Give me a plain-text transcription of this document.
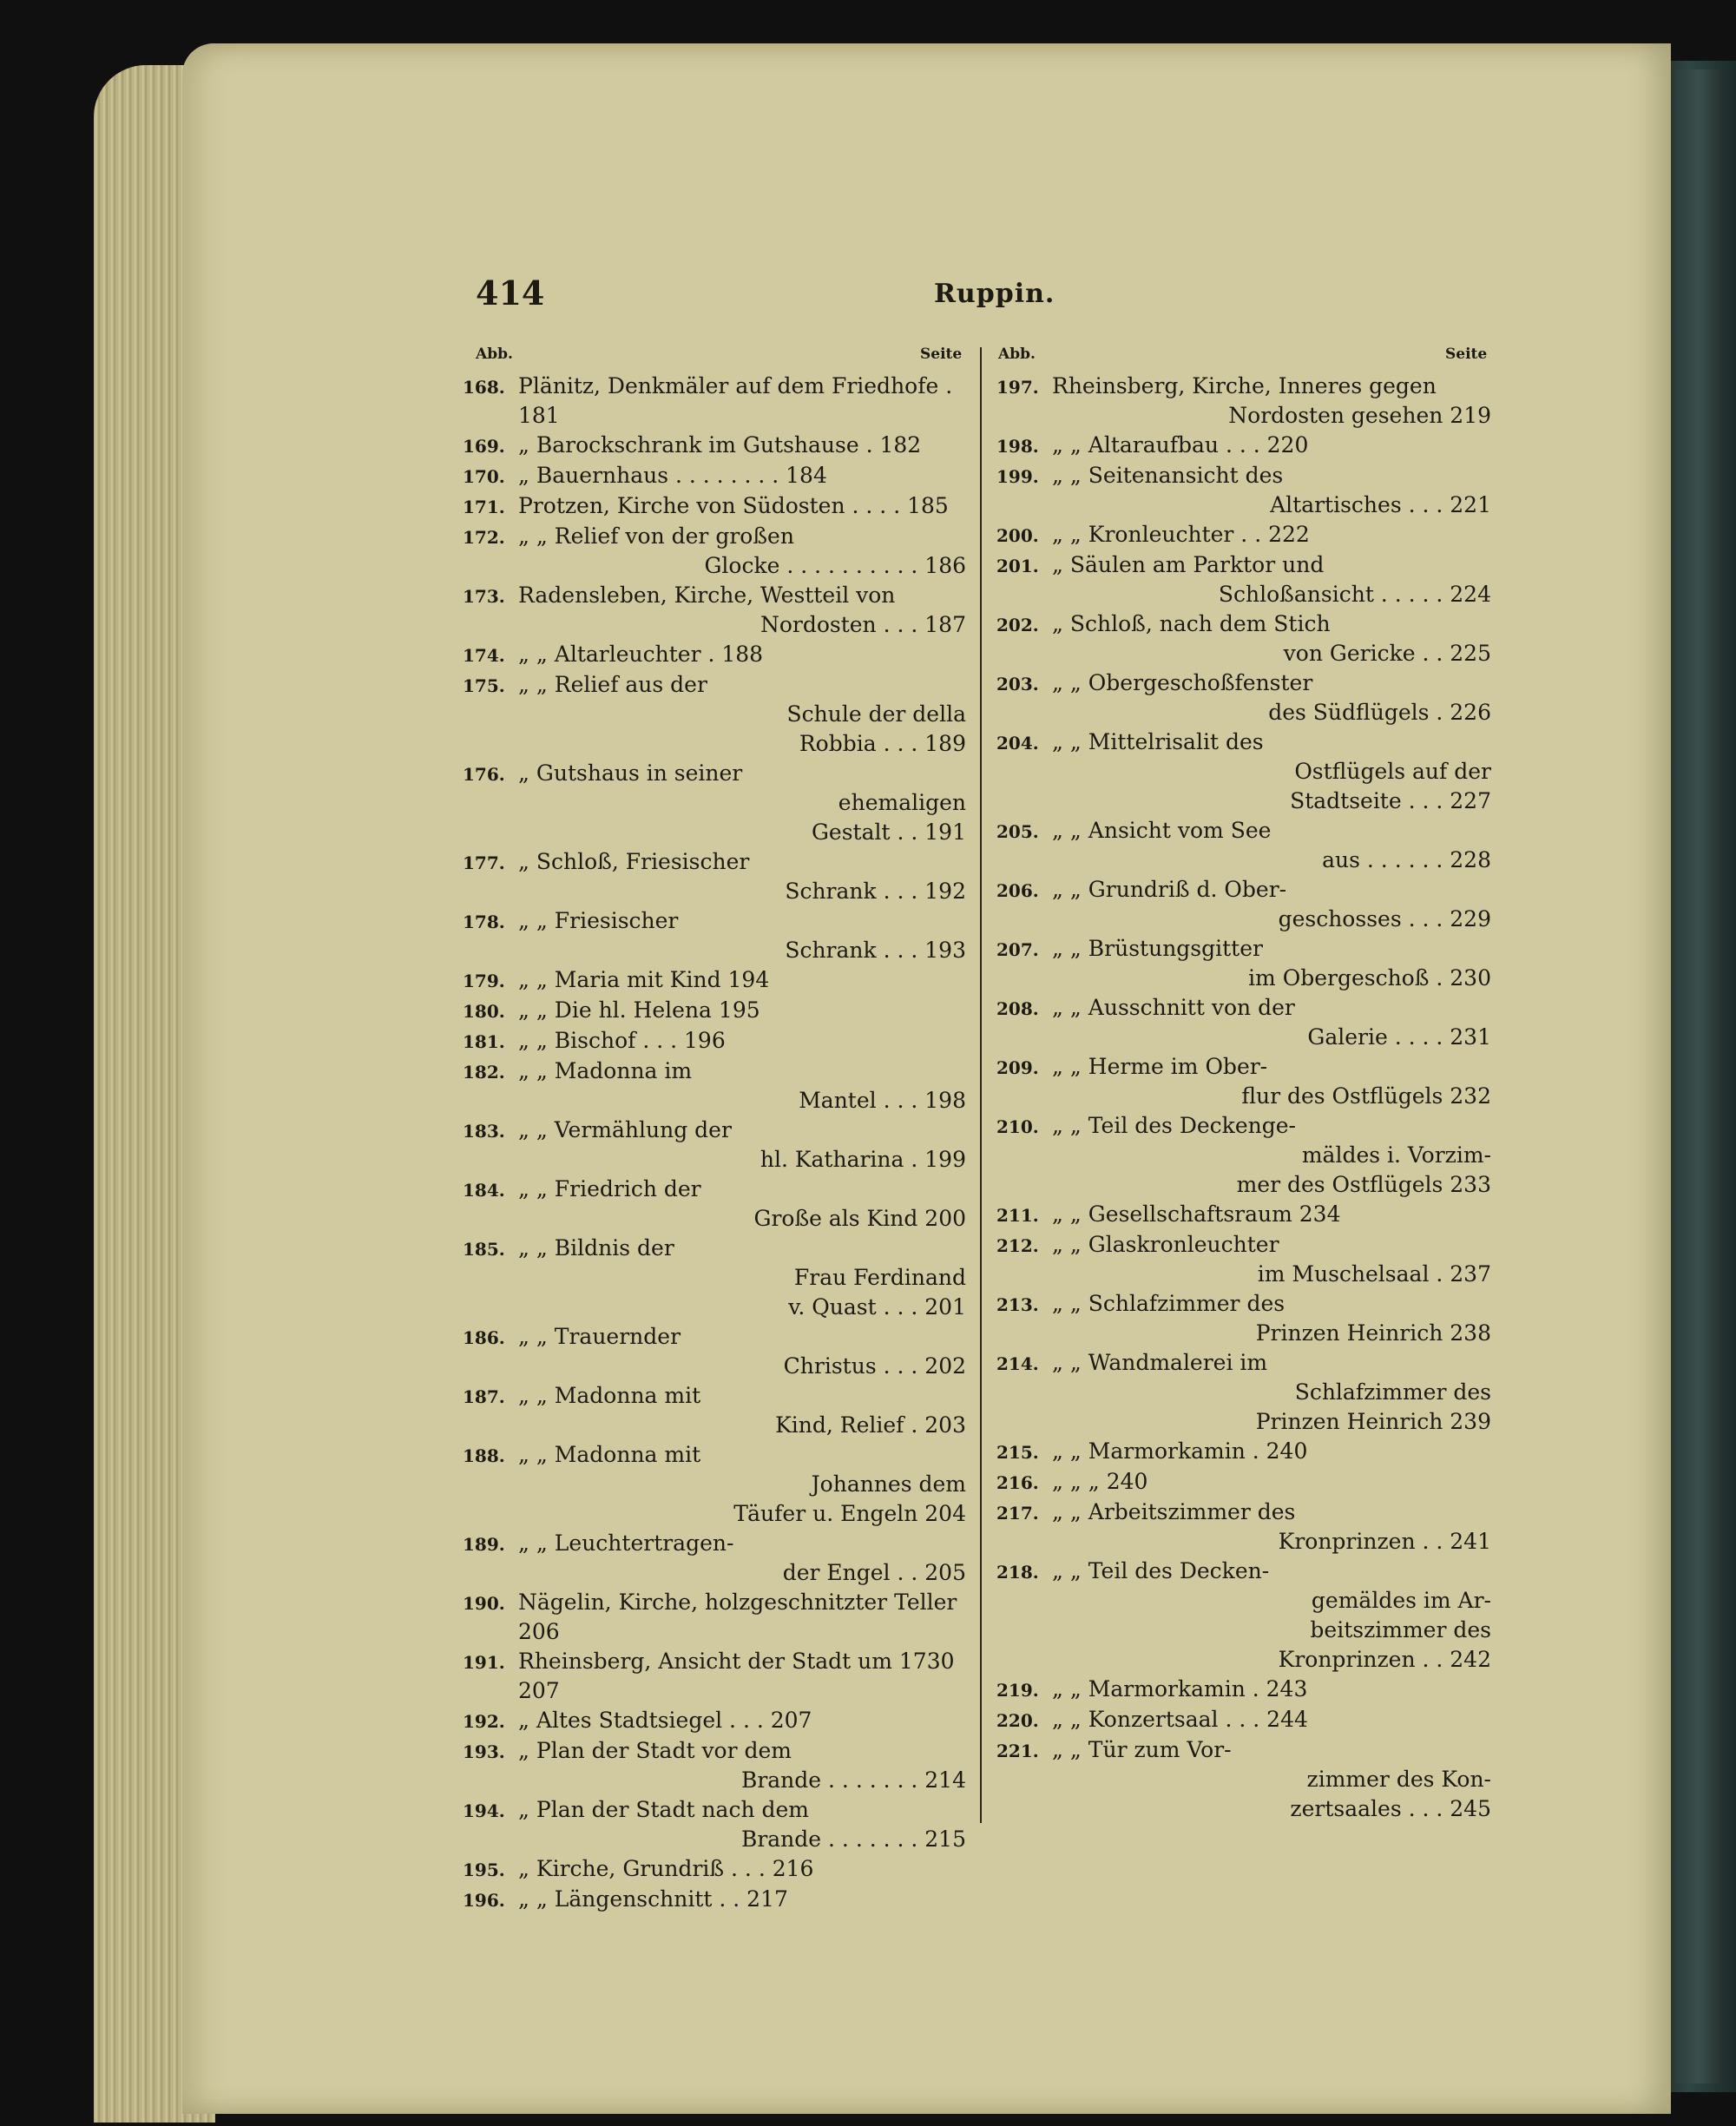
414	Ruppin.
Abb.	Seite Abb.	Seite
168. Plänitz, Denkmäler auf dem Friedhofe . 181

169. „ Barockschrank im Gutshause . 182

170. „ Bauernhaus . . . . . . . . 184

171. Protzen, Kirche von Südosten . . . . 185

172. „ „ Relief von der großen

Glocke . . . . . . . . . . 186

173. Radensleben, Kirche, Westteil von

Nordosten . . . 187

174. „ „ Altarleuchter . 188

175. „ „ Relief aus der

Schule der della

Robbia . . . 189

176. „ Gutshaus in seiner

ehemaligen

Gestalt . . 191

177. „ Schloß, Friesischer

Schrank . . . 192

178. „ „ Friesischer

Schrank . . . 193

179. „ „ Maria mit Kind 194

180. „ „ Die hl. Helena 195

181. „ „ Bischof . . . 196

182. „ „ Madonna im

Mantel . . . 198

183. „ „ Vermählung der

hl. Katharina . 199

184. „ „ Friedrich der

Große als Kind 200

185. „ „ Bildnis der

Frau Ferdinand

v. Quast . . . 201

186. „ „ Trauernder

Christus . . . 202

187. „ „ Madonna mit

Kind, Relief . 203

188. „ „ Madonna mit

Johannes dem

Täufer u. Engeln 204

189. „ „ Leuchtertragen-

der Engel . . 205

190. Nägelin, Kirche, holzgeschnitzter Teller 206

191. Rheinsberg, Ansicht der Stadt um 1730 207

192. „ Altes Stadtsiegel . . . 207

193. „ Plan der Stadt vor dem

Brande . . . . . . . 214

194. „ Plan der Stadt nach dem

Brande . . . . . . . 215

195. „ Kirche, Grundriß . . . 216

196. „ „ Längenschnitt . . 217

197. Rheinsberg, Kirche, Inneres gegen

Nordosten gesehen 219

198. „ „ Altaraufbau . . . 220

199. „ „ Seitenansicht des

Altartisches . . . 221

200. „ „ Kronleuchter . . 222

201. „ Säulen am Parktor und

Schloßansicht . . . . . 224

202. „ Schloß, nach dem Stich

von Gericke . . 225

203. „ „ Obergeschoßfenster

des Südflügels . 226

204. „ „ Mittelrisalit des

Ostflügels auf der

Stadtseite . . . 227

205. „ „ Ansicht vom See

aus . . . . . . 228

206. „ „ Grundriß d. Ober-

geschosses . . . 229

207. „ „ Brüstungsgitter

im Obergeschoß . 230

208. „ „ Ausschnitt von der

Galerie . . . . 231

209. „ „ Herme im Ober-

flur des Ostflügels 232

210. „ „ Teil des Deckenge-

mäldes i. Vorzim-

mer des Ostflügels 233

211. „ „ Gesellschaftsraum 234

212. „ „ Glaskronleuchter

im Muschelsaal . 237

213. „ „ Schlafzimmer des

Prinzen Heinrich 238

214. „ „ Wandmalerei im

Schlafzimmer des

Prinzen Heinrich 239

215. „ „ Marmorkamin . 240

216. „ „ „ 240

217. „ „ Arbeitszimmer des

Kronprinzen . . 241

218. „ „ Teil des Decken-

gemäldes im Ar-

beitszimmer des

Kronprinzen . . 242

219. „ „ Marmorkamin . 243

220. „ „ Konzertsaal . . . 244

221. „ „ Tür zum Vor-

zimmer des Kon-

zertsaales . . . 245
